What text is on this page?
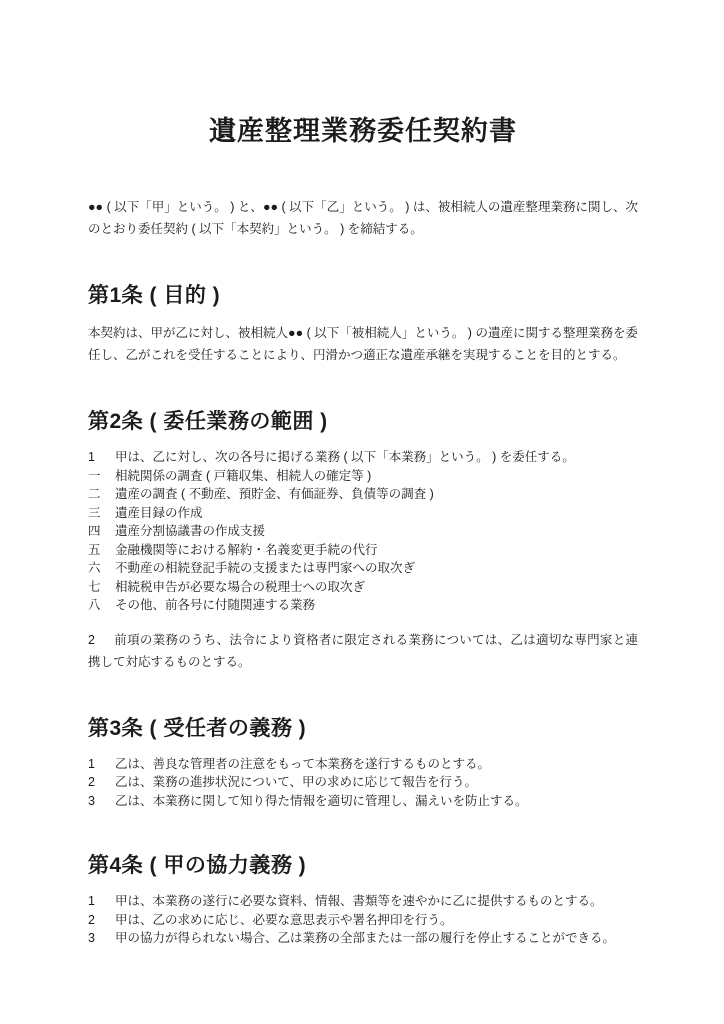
遺産整理業務委任契約書

●● ( 以下「甲」という。 ) と、●● ( 以下「乙」という。 ) は、被相続人の遺産整理業務に関し、次のとおり委任契約 ( 以下「本契約」という。 ) を締結する。

第1条 ( 目的 )

本契約は、甲が乙に対し、被相続人●● ( 以下「被相続人」という。 ) の遺産に関する整理業務を委任し、乙がこれを受任することにより、円滑かつ適正な遺産承継を実現することを目的とする。

第2条 ( 委任業務の範囲 )
1	甲は、乙に対し、次の各号に掲げる業務 ( 以下「本業務」という。 ) を委任する。
一	相続関係の調査 ( 戸籍収集、相続人の確定等 )
二	遺産の調査 ( 不動産、預貯金、有価証券、負債等の調査 )
三	遺産目録の作成
四	遺産分割協議書の作成支援
五	金融機関等における解約・名義変更手続の代行
六	不動産の相続登記手続の支援または専門家への取次ぎ
七	相続税申告が必要な場合の税理士への取次ぎ
八	その他、前各号に付随関連する業務

2 前項の業務のうち、法令により資格者に限定される業務については、乙は適切な専門家と連携して対応するものとする。

第3条 ( 受任者の義務 )
1	乙は、善良な管理者の注意をもって本業務を遂行するものとする。
2	乙は、業務の進捗状況について、甲の求めに応じて報告を行う。
3	乙は、本業務に関して知り得た情報を適切に管理し、漏えいを防止する。
第4条 ( 甲の協力義務 )
1	甲は、本業務の遂行に必要な資料、情報、書類等を速やかに乙に提供するものとする。
2	甲は、乙の求めに応じ、必要な意思表示や署名押印を行う。
3	甲の協力が得られない場合、乙は業務の全部または一部の履行を停止することができる。
